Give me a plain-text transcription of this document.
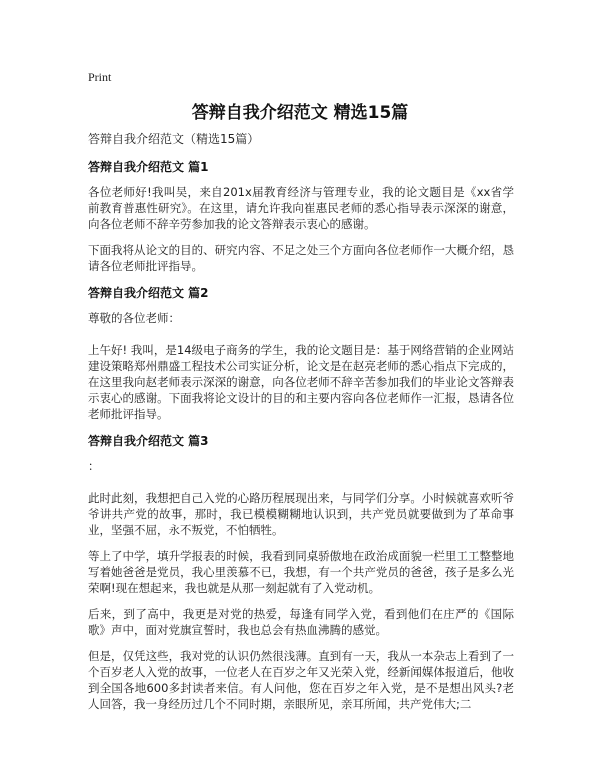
Print
答辩自我介绍范文 精选15篇

答辩自我介绍范文（精选15篇）

答辩自我介绍范文 篇1

各位老师好!我叫吴，来自201x届教育经济与管理专业，我的论文题目是《xx省学前教育普惠性研究》。在这里，请允许我向崔惠民老师的悉心指导表示深深的谢意，向各位老师不辞辛劳参加我的论文答辩表示衷心的感谢。

下面我将从论文的目的、研究内容、不足之处三个方面向各位老师作一大概介绍，恳请各位老师批评指导。

答辩自我介绍范文 篇2

尊敬的各位老师：

上午好! 我叫，是14级电子商务的学生，我的论文题目是：基于网络营销的企业网站建设策略郑州鼎盛工程技术公司实证分析，论文是在赵亮老师的悉心指点下完成的，在这里我向赵老师表示深深的谢意，向各位老师不辞辛苦参加我们的毕业论文答辩表示衷心的感谢。下面我将论文设计的目的和主要内容向各位老师作一汇报，恳请各位老师批评指导。

答辩自我介绍范文 篇3

：

此时此刻，我想把自己入党的心路历程展现出来，与同学们分享。小时候就喜欢听爷爷讲共产党的故事，那时，我已模模糊糊地认识到，共产党员就要做到为了革命事业，坚强不屈，永不叛党，不怕牺牲。

等上了中学，填升学报表的时候，我看到同桌骄傲地在政治成面貌一栏里工工整整地写着她爸爸是党员，我心里羡慕不已，我想，有一个共产党员的爸爸，孩子是多么光荣啊!现在想起来，我也就是从那一刻起就有了入党动机。

后来，到了高中，我更是对党的热爱，每逢有同学入党，看到他们在庄严的《国际歌》声中，面对党旗宣誓时，我也总会有热血沸腾的感觉。

但是，仅凭这些，我对党的认识仍然很浅薄。直到有一天，我从一本杂志上看到了一个百岁老人入党的故事，一位老人在百岁之年又光荣入党，经新闻媒体报道后，他收到全国各地600多封读者来信。有人问他，您在百岁之年入党，是不是想出风头?老人回答，我一身经历过几个不同时期，亲眼所见，亲耳所闻，共产党伟大;二
